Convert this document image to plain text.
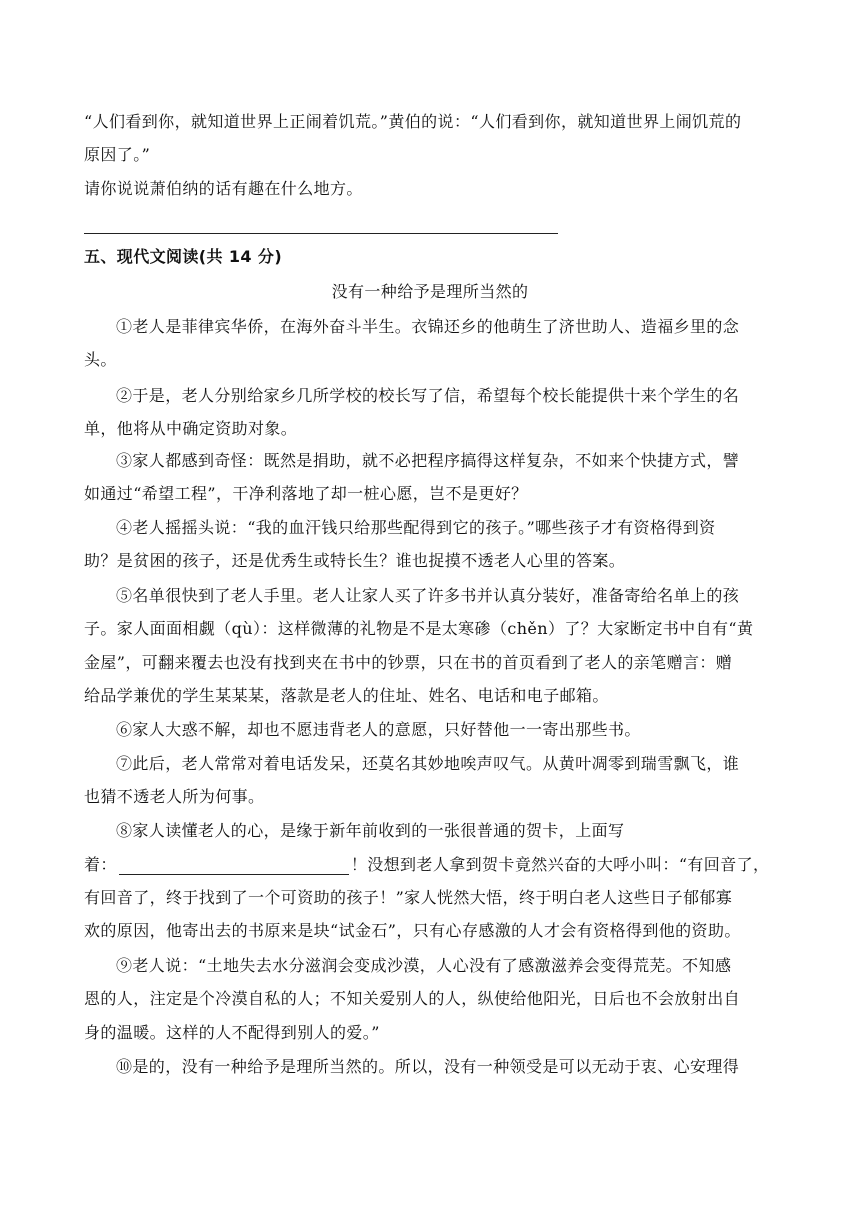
“人们看到你，就知道世界上正闹着饥荒。”黄伯的说：“人们看到你，就知道世界上闹饥荒的
原因了。”
请你说说萧伯纳的话有趣在什么地方。
五、现代文阅读(共 14 分)
没有一种给予是理所当然的
①老人是菲律宾华侨，在海外奋斗半生。衣锦还乡的他萌生了济世助人、造福乡里的念
头。
②于是，老人分别给家乡几所学校的校长写了信，希望每个校长能提供十来个学生的名
单，他将从中确定资助对象。
③家人都感到奇怪：既然是捐助，就不必把程序搞得这样复杂，不如来个快捷方式，譬
如通过“希望工程”，干净利落地了却一桩心愿，岂不是更好？
④老人摇摇头说：“我的血汗钱只给那些配得到它的孩子。”哪些孩子才有资格得到资
助？是贫困的孩子，还是优秀生或特长生？谁也捉摸不透老人心里的答案。
⑤名单很快到了老人手里。老人让家人买了许多书并认真分装好，准备寄给名单上的孩
子。家人面面相觑（qù）：这样微薄的礼物是不是太寒碜（chěn）了？大家断定书中自有“黄
金屋”，可翻来覆去也没有找到夹在书中的钞票，只在书的首页看到了老人的亲笔赠言：赠
给品学兼优的学生某某某，落款是老人的住址、姓名、电话和电子邮箱。
⑥家人大惑不解，却也不愿违背老人的意愿，只好替他一一寄出那些书。
⑦此后，老人常常对着电话发呆，还莫名其妙地唉声叹气。从黄叶凋零到瑞雪飘飞，谁
也猜不透老人所为何事。
⑧家人读懂老人的心，是缘于新年前收到的一张很普通的贺卡，上面写
着：	！没想到老人拿到贺卡竟然兴奋的大呼小叫：“有回音了，
有回音了，终于找到了一个可资助的孩子！”家人恍然大悟，终于明白老人这些日子郁郁寡
欢的原因，他寄出去的书原来是块“试金石”，只有心存感激的人才会有资格得到他的资助。
⑨老人说：“土地失去水分滋润会变成沙漠，人心没有了感激滋养会变得荒芜。不知感
恩的人，注定是个冷漠自私的人；不知关爱别人的人，纵使给他阳光，日后也不会放射出自
身的温暖。这样的人不配得到别人的爱。”
⑩是的，没有一种给予是理所当然的。所以，没有一种领受是可以无动于衷、心安理得
